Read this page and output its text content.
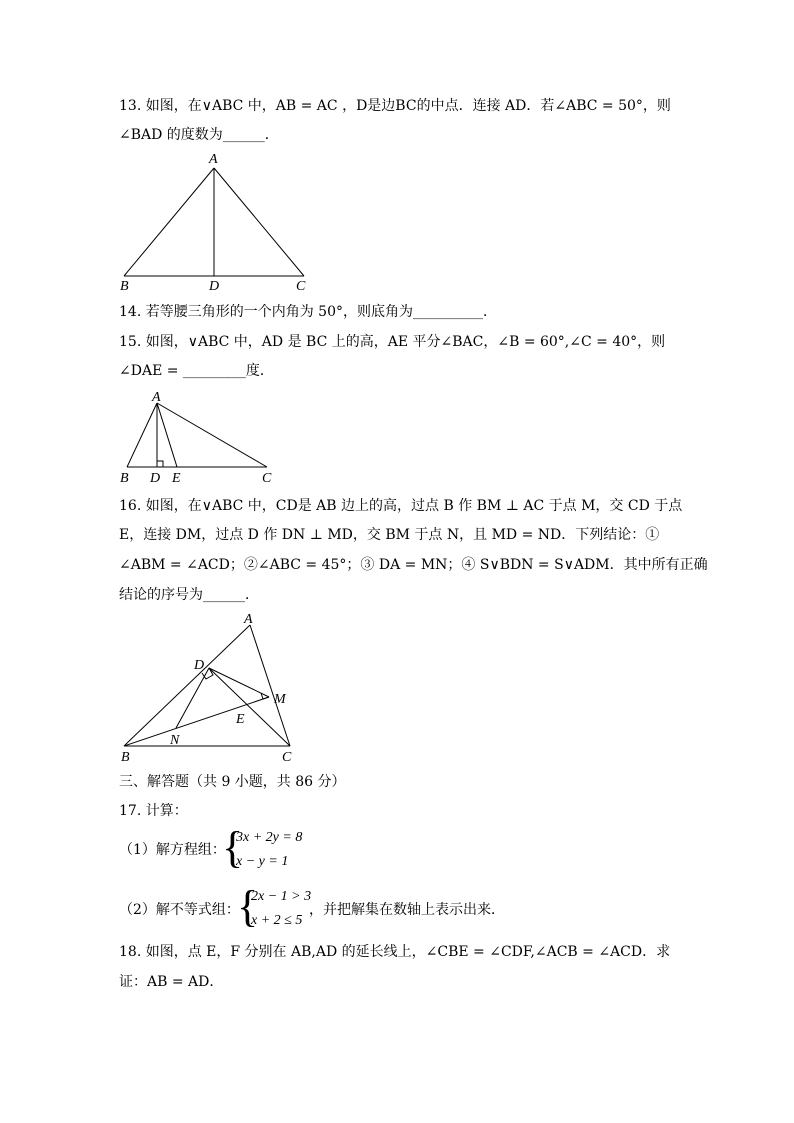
13. 如图，在∨ABC 中，AB = AC ，D是边BC的中点．连接 AD．若∠ABC = 50°，则
∠BAD 的度数为______．
A
B	D	C
14. 若等腰三角形的一个内角为 50°，则底角为__________．
15. 如图，∨ABC 中，AD 是 BC 上的高，AE 平分∠BAC，∠B = 60°,∠C = 40°，则
∠DAE = _________度．
A
B D E	C
16. 如图，在∨ABC 中，CD是 AB 边上的高，过点 B 作 BM ⊥ AC 于点 M，交 CD 于点
E，连接 DM，过点 D 作 DN ⊥ MD，交 BM 于点 N，且 MD = ND．下列结论：①
∠ABM = ∠ACD；②∠ABC = 45°；③ DA = MN；④ S∨BDN = S∨ADM．其中所有正确
结论的序号为______．
A
D
M
E
N
B	C
三、解答题（共 9 小题，共 86 分）
17. 计算：
（1）解方程组：
{
3x + 2y = 8
x − y = 1
（2）解不等式组：
{
2x − 1 > 3
x + 2 ≤ 5
，并把解集在数轴上表示出来．
18. 如图，点 E，F 分别在 AB,AD 的延长线上，∠CBE = ∠CDF,∠ACB = ∠ACD．求
证：AB = AD．
